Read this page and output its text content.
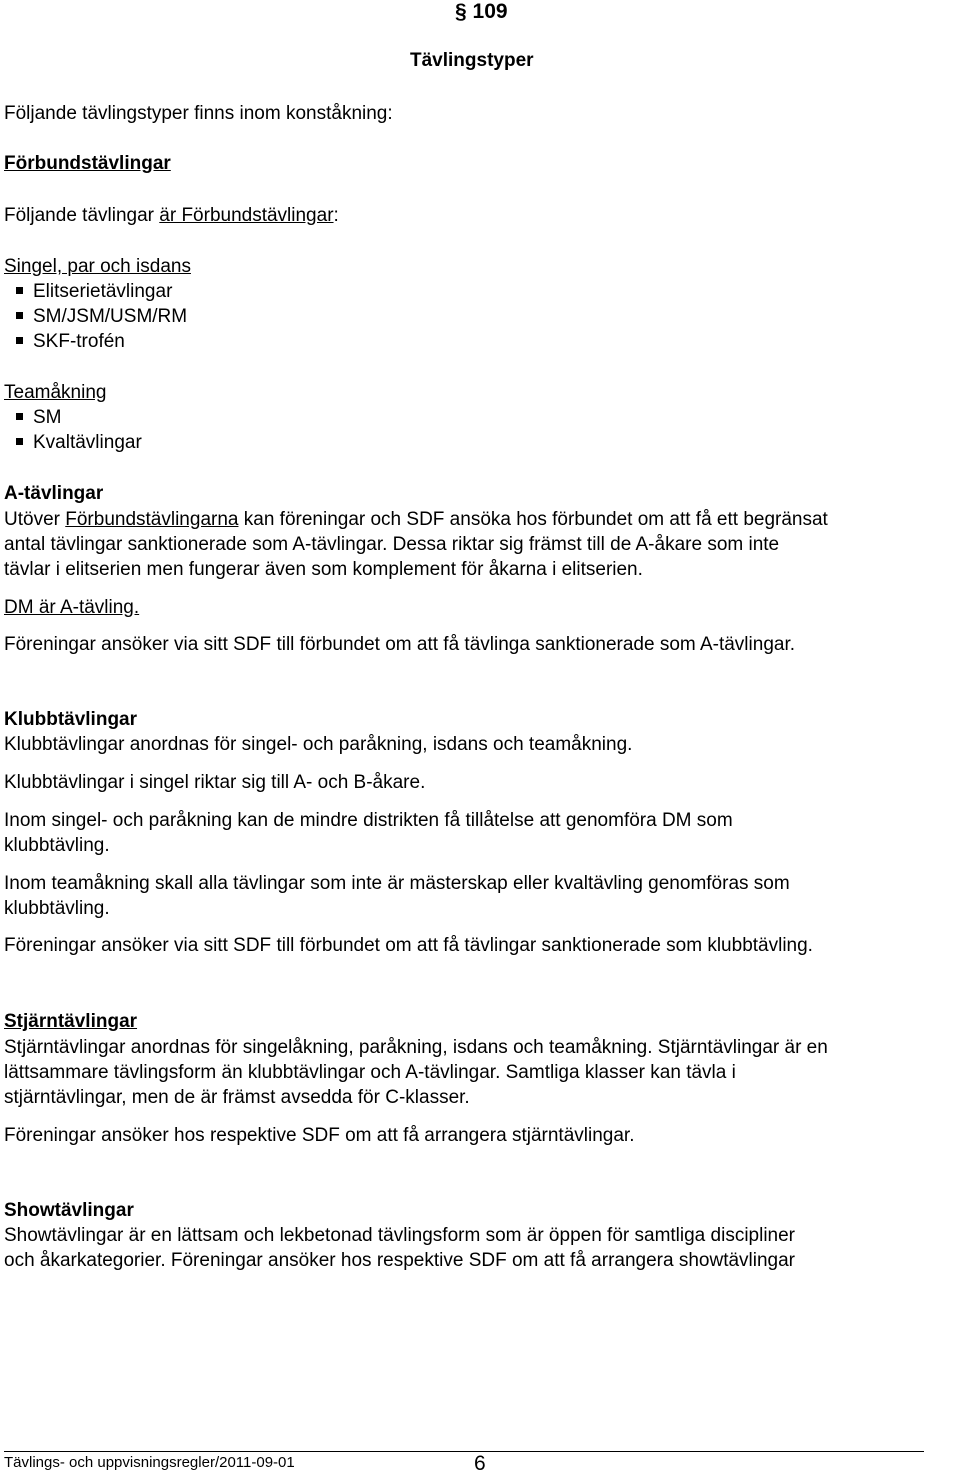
§ 109
Tävlingstyper
Följande tävlingstyper finns inom konståkning:
Förbundstävlingar
Följande tävlingar är Förbundstävlingar:
Singel, par och isdans
Elitserietävlingar
SM/JSM/USM/RM
SKF-trofén
Teamåkning
SM
Kvaltävlingar
A-tävlingar
Utöver Förbundstävlingarna kan föreningar och SDF ansöka hos förbundet om att få ett begränsat
antal tävlingar sanktionerade som A-tävlingar. Dessa riktar sig främst till de A-åkare som inte
tävlar i elitserien men fungerar även som komplement för åkarna i elitserien.
DM är A-tävling.
Föreningar ansöker via sitt SDF till förbundet om att få tävlinga sanktionerade som A-tävlingar.
Klubbtävlingar
Klubbtävlingar anordnas för singel- och paråkning, isdans och teamåkning.
Klubbtävlingar i singel riktar sig till A- och B-åkare.
Inom singel- och paråkning kan de mindre distrikten få tillåtelse att genomföra DM som
klubbtävling.
Inom teamåkning skall alla tävlingar som inte är mästerskap eller kvaltävling genomföras som
klubbtävling.
Föreningar ansöker via sitt SDF till förbundet om att få tävlingar sanktionerade som klubbtävling.
Stjärntävlingar
Stjärntävlingar anordnas för singelåkning, paråkning, isdans och teamåkning. Stjärntävlingar är en
lättsammare tävlingsform än klubbtävlingar och A-tävlingar. Samtliga klasser kan tävla i
stjärntävlingar, men de är främst avsedda för C-klasser.
Föreningar ansöker hos respektive SDF om att få arrangera stjärntävlingar.
Showtävlingar
Showtävlingar är en lättsam och lekbetonad tävlingsform som är öppen för samtliga discipliner
och åkarkategorier. Föreningar ansöker hos respektive SDF om att få arrangera showtävlingar
Tävlings- och uppvisningsregler/2011-09-01	6
